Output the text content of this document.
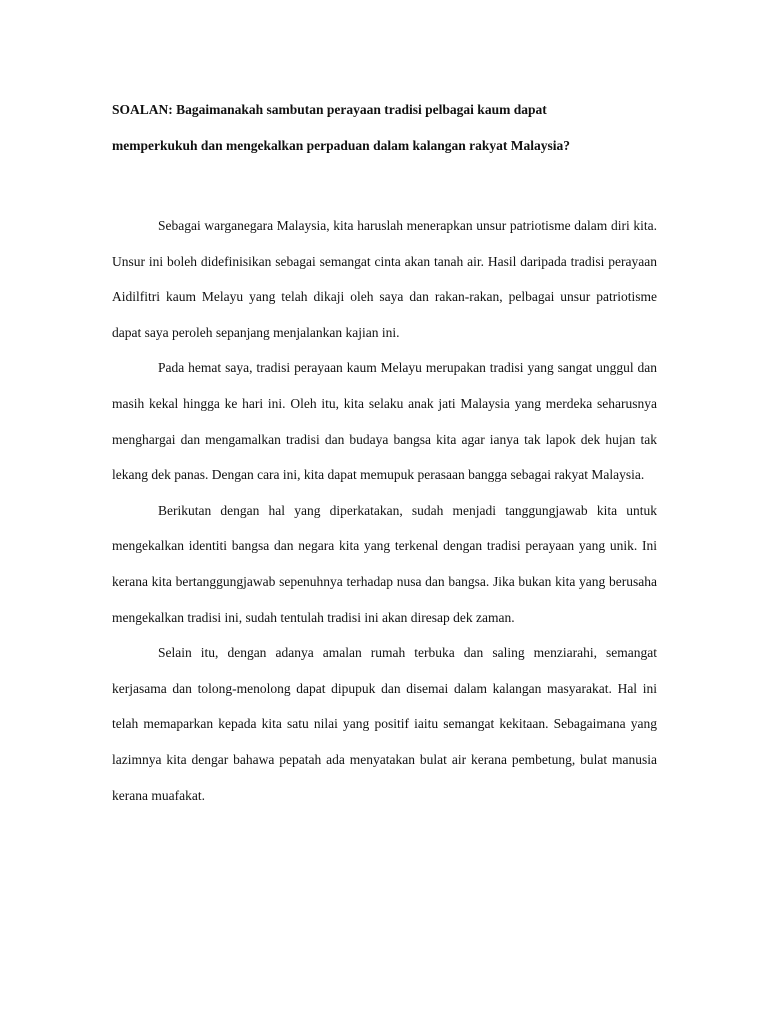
SOALAN: Bagaimanakah sambutan perayaan tradisi pelbagai kaum dapat
memperkukuh dan mengekalkan perpaduan dalam kalangan rakyat Malaysia?

Sebagai warganegara Malaysia, kita haruslah menerapkan unsur patriotisme dalam diri kita. Unsur ini boleh didefinisikan sebagai semangat cinta akan tanah air. Hasil daripada tradisi perayaan Aidilfitri kaum Melayu yang telah dikaji oleh saya dan rakan-rakan, pelbagai unsur patriotisme dapat saya peroleh sepanjang menjalankan kajian ini.

Pada hemat saya, tradisi perayaan kaum Melayu merupakan tradisi yang sangat unggul dan masih kekal hingga ke hari ini. Oleh itu, kita selaku anak jati Malaysia yang merdeka seharusnya menghargai dan mengamalkan tradisi dan budaya bangsa kita agar ianya tak lapok dek hujan tak lekang dek panas. Dengan cara ini, kita dapat memupuk perasaan bangga sebagai rakyat Malaysia.

Berikutan dengan hal yang diperkatakan, sudah menjadi tanggungjawab kita untuk mengekalkan identiti bangsa dan negara kita yang terkenal dengan tradisi perayaan yang unik. Ini kerana kita bertanggungjawab sepenuhnya terhadap nusa dan bangsa. Jika bukan kita yang berusaha mengekalkan tradisi ini, sudah tentulah tradisi ini akan diresap dek zaman.

Selain itu, dengan adanya amalan rumah terbuka dan saling menziarahi, semangat kerjasama dan tolong-menolong dapat dipupuk dan disemai dalam kalangan masyarakat. Hal ini telah memaparkan kepada kita satu nilai yang positif iaitu semangat kekitaan. Sebagaimana yang lazimnya kita dengar bahawa pepatah ada menyatakan bulat air kerana pembetung, bulat manusia kerana muafakat.
